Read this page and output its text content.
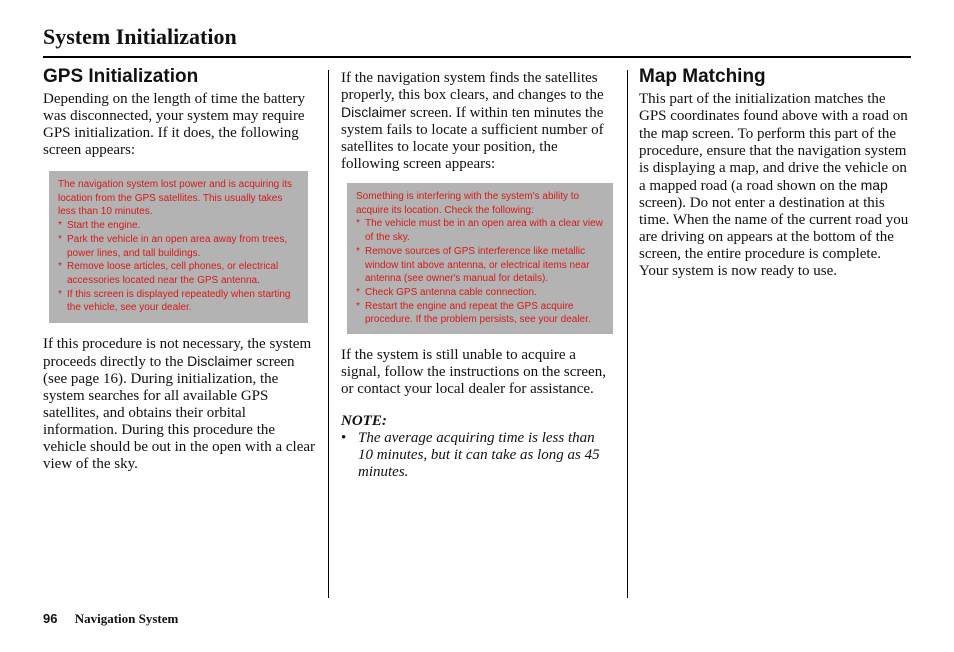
System Initialization
GPS Initialization

Depending on the length of time the battery was disconnected, your system may require GPS initialization. If it does, the following screen appears:

The navigation system lost power and is acquiring its location from the GPS satellites. This usually takes less than 10 minutes.

* Start the engine.
* Park the vehicle in an open area away from trees, power lines, and tall buildings.
* Remove loose articles, cell phones, or electrical accessories located near the GPS antenna.
* If this screen is displayed repeatedly when starting the vehicle, see your dealer.

If this procedure is not necessary, the system proceeds directly to the Disclaimer screen (see page 16). During initialization, the system searches for all available GPS satellites, and obtains their orbital information. During this procedure the vehicle should be out in the open with a clear view of the sky.

If the navigation system finds the satellites properly, this box clears, and changes to the Disclaimer screen. If within ten minutes the system fails to locate a sufficient number of satellites to locate your position, the following screen appears:

Something is interfering with the system's ability to acquire its location. Check the following:

* The vehicle must be in an open area with a clear view of the sky.
* Remove sources of GPS interference like metallic window tint above antenna, or electrical items near antenna (see owner's manual for details).
* Check GPS antenna cable connection.
* Restart the engine and repeat the GPS acquire procedure. If the problem persists, see your dealer.

If the system is still unable to acquire a signal, follow the instructions on the screen, or contact your local dealer for assistance.

NOTE:

• The average acquiring time is less than 10 minutes, but it can take as long as 45 minutes.

Map Matching

This part of the initialization matches the GPS coordinates found above with a road on the map screen. To perform this part of the procedure, ensure that the navigation system is displaying a map, and drive the vehicle on a mapped road (a road shown on the map screen). Do not enter a destination at this time. When the name of the current road you are driving on appears at the bottom of the screen, the entire procedure is complete. Your system is now ready to use.

96 Navigation System
